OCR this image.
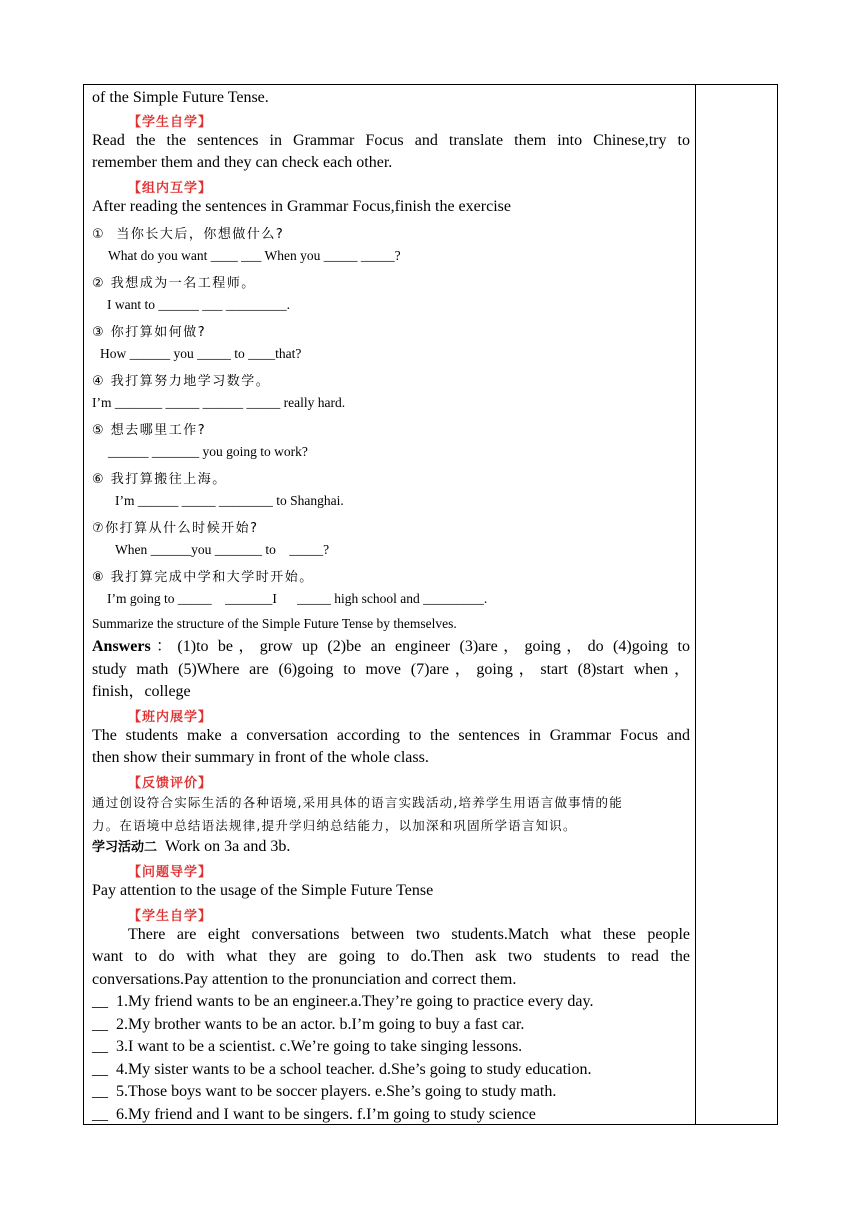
of the Simple Future Tense.
【学生自学】
Read the the sentences in Grammar Focus and translate them into Chinese,try to
remember them and they can check each other.
【组内互学】
After reading the sentences in Grammar Focus,finish the exercise
①  当你长大后，你想做什么?
What do you want ____ ___ When you _____ _____?
② 我想成为一名工程师。
I want to ______ ___ _________.
③ 你打算如何做?
How ______ you _____ to ____that?
④ 我打算努力地学习数学。
I’m _______ _____ ______ _____ really hard.
⑤ 想去哪里工作?
______ _______ you going to work?
⑥ 我打算搬往上海。
I’m ______ _____ ________ to Shanghai.
⑦你打算从什么时候开始?
When ______you _______ to    _____?
⑧ 我打算完成中学和大学时开始。
I’m going to _____    _______I      _____ high school and _________.
Summarize the structure of the Simple Future Tense by themselves.
Answers：(1)to be，grow up (2)be an engineer (3)are，going，do (4)going to
study math (5)Where are (6)going to move (7)are，going，start (8)start when，
finish，college
【班内展学】
The students make a conversation according to the sentences in Grammar Focus and
then show their summary in front of the whole class.
【反馈评价】
通过创设符合实际生活的各种语境,采用具体的语言实践活动,培养学生用语言做事情的能
力。在语境中总结语法规律,提升学归纳总结能力，以加深和巩固所学语言知识。
学习活动二  Work on 3a and 3b.
【问题导学】
Pay attention to the usage of the Simple Future Tense
【学生自学】
There are eight conversations between two students.Match what these people
want to do with what they are going to do.Then ask two students to read the
conversations.Pay attention to the pronunciation and correct them.
__  1.My friend wants to be an engineer.a.They’re going to practice every day.
__  2.My brother wants to be an actor. b.I’m going to buy a fast car.
__  3.I want to be a scientist. c.We’re going to take singing lessons.
__  4.My sister wants to be a school teacher. d.She’s going to study education.
__  5.Those boys want to be soccer players. e.She’s going to study math.
__  6.My friend and I want to be singers. f.I’m going to study science
